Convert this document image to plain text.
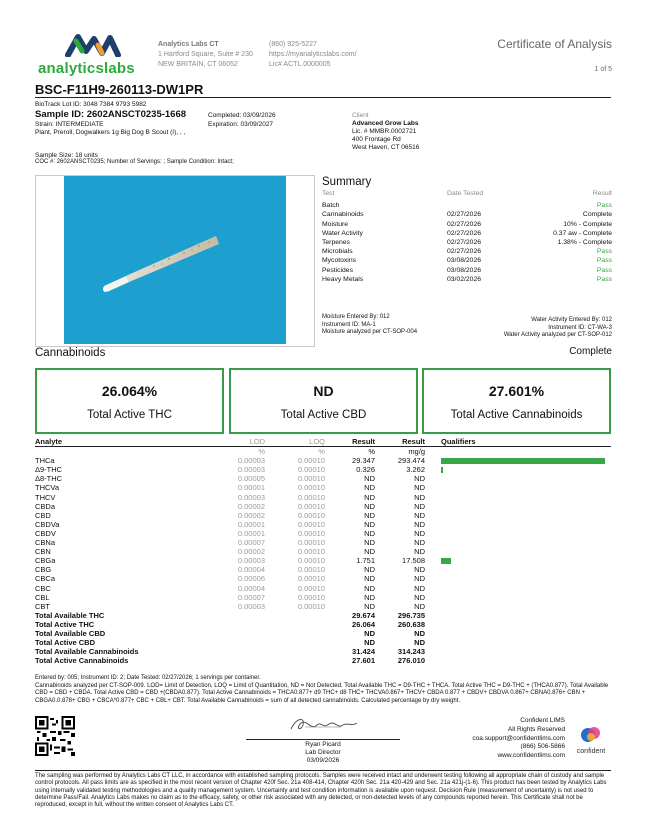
analyticslabs
Analytics Labs CT
1 Hartford Square, Suite # 230
NEW BRITAIN, CT 06052
(860) 925-5227
https://myanalyticslabs.com/
Lic# ACTL.0000005
Certificate of Analysis
1 of 5
BSC-F11H9-260113-DW1PR
BioTrack Lot ID: 3048 7384 9793 5982
Sample ID: 2602ANSCT0235-1668
Strain: INTERMEDIATE
Plant, Preroll, Dogwalkers 1g Big Dog B Scout (I), , ,
Completed: 03/09/2026
Expiration: 03/09/2027
Sample Size: 18 units
COC #: 2602ANSCT0235; Number of Servings: ; Sample Condition: Intact;
Client
Advanced Grow Labs
Lic. # MMBR.0002721
400 Frontage Rd
West Haven, CT 06516
Summary
Test	Date Tested	Result
Batch	Pass
Cannabinoids	02/27/2026	Complete
Moisture	02/27/2026	10% - Complete
Water Activity	02/27/2026	0.37 aw - Complete
Terpenes	02/27/2026	1.38% - Complete
Microbials	02/27/2026	Pass
Mycotoxins	03/08/2026	Pass
Pesticides	03/08/2026	Pass
Heavy Metals	03/02/2026	Pass
Moisture Entered By: 012
Instrument ID: MA-1
Moisture analyzed per CT-SOP-004
Water Activity Entered By: 012
Instrument ID: CT-WA-3
Water Activity analyzed per CT-SOP-012
Cannabinoids	Complete
26.064%
Total Active THC
ND
Total Active CBD
27.601%
Total Active Cannabinoids
Analyte	LOD	LOQ	Result	Result	Qualifiers
	%	%	%	mg/g	
THCa	0.00003	0.00010	29.347	293.474	
Δ9-THC	0.00003	0.00010	0.326	3.262	
Δ8-THC	0.00005	0.00010	ND	ND	
THCVa	0.00001	0.00010	ND	ND	
THCV	0.00003	0.00010	ND	ND	
CBDa	0.00002	0.00010	ND	ND	
CBD	0.00002	0.00010	ND	ND	
CBDVa	0.00001	0.00010	ND	ND	
CBDV	0.00001	0.00010	ND	ND	
CBNa	0.00007	0.00010	ND	ND	
CBN	0.00002	0.00010	ND	ND	
CBGa	0.00003	0.00010	1.751	17.508	
CBG	0.00004	0.00010	ND	ND	
CBCa	0.00006	0.00010	ND	ND	
CBC	0.00004	0.00010	ND	ND	
CBL	0.00007	0.00010	ND	ND	
CBT	0.00003	0.00010	ND	ND	
Total Available THC			29.674	296.735	
Total Active THC			26.064	260.638	
Total Available CBD			ND	ND	
Total Active CBD			ND	ND	
Total Available Cannabinoids			31.424	314.243	
Total Active Cannabinoids			27.601	276.010	
Entered by: 005; Instrument ID: 2; Date Tested: 02/27/2026; 1 servings per container.
Cannabinoids analyzed per CT-SOP-009. LOD= Limit of Detection, LOQ = Limit of Quantitation, ND = Not Detected. Total Available THC = D9-THC + THCA. Total Active THC = D9-THC + (THCA0.877). Total Available CBD = CBD + CBDA. Total Active CBD = CBD +(CBDA0.877). Total Active Cannabinoids = THCA0.877+ d9 THC+ d8 THC+ THCVA0.867+ THCV+ CBDA 0.877 + CBDV+ CBDVA 0.867+ CBNA0.876+ CBN + CBGA0.0.878+ CBG + CBCA*0.877+ CBC + CBL+ CBT. Total Available Cannabinoids = sum of all detected cannabinoids. Calculated percentage by dry weight.
Ryan Picard
Lab Director
03/09/2026
Confident LIMS
All Rights Reserved
coa.support@confidentlims.com
(866) 506-5866
www.confidentlims.com
confident
The sampling was performed by Analytics Labs CT LLC, in accordance with established sampling protocols. Samples were received intact and underwent testing following all appropriate chain of custody and sample control protocols. All pass limits are as specified in the most recent version of Chapter 420f Sec. 21a 408-414, Chapter 420h Sec. 21a 420-429 and Sec. 21a 421j-(1-6). This product has been tested by Analytics Labs using internally validated testing methodologies and a quality management system. Uncertainty and test condition information is available upon request. Decision Rule (measurement of uncertainty) is not used to determine Pass/Fail. Analytics Labs makes no claim as to the efficacy, safety, or other risk associated with any detected, or non-detected levels of any compounds reported herein. This Certificate shall not be reproduced, except in full, without the written consent of Analytics Labs CT.
